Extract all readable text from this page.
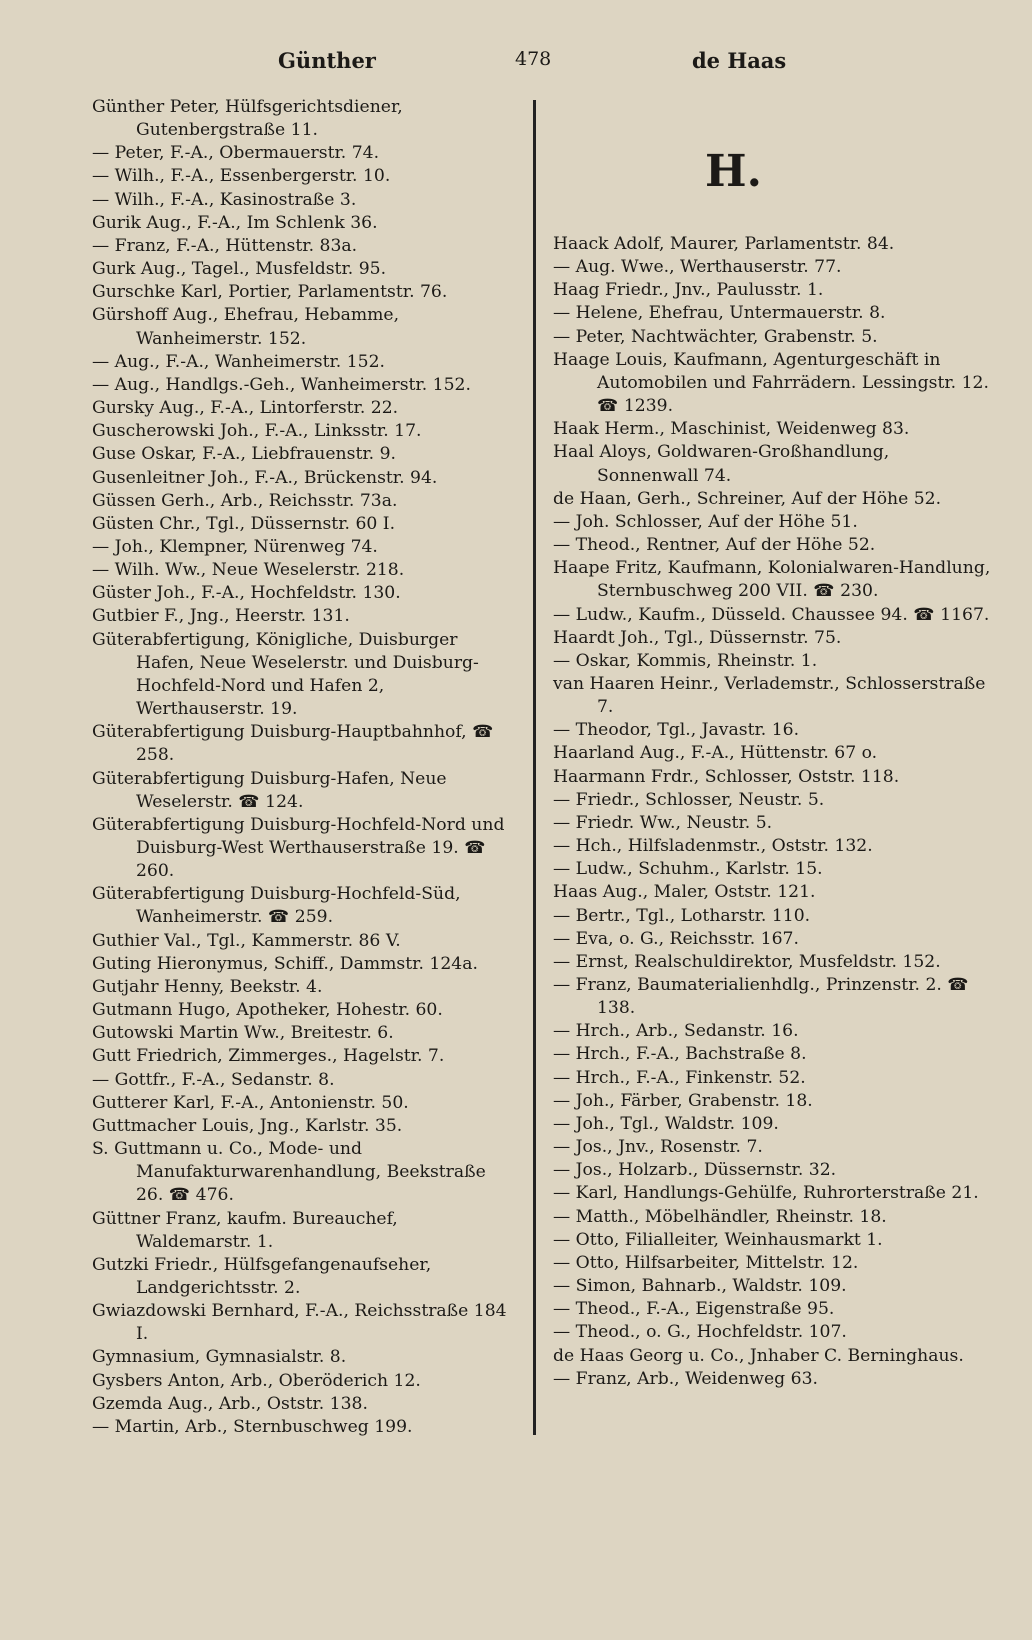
Günther	478	de Haas
Günther Peter, Hülfsgerichtsdiener, Gutenbergstraße 11.
— Peter, F.-A., Obermauerstr. 74.
— Wilh., F.-A., Essenbergerstr. 10.
— Wilh., F.-A., Kasinostraße 3.
Gurik Aug., F.-A., Im Schlenk 36.
— Franz, F.-A., Hüttenstr. 83a.
Gurk Aug., Tagel., Musfeldstr. 95.
Gurschke Karl, Portier, Parlamentstr. 76.
Gürshoff Aug., Ehefrau, Hebamme, Wanheimerstr. 152.
— Aug., F.-A., Wanheimerstr. 152.
— Aug., Handlgs.-Geh., Wanheimerstr. 152.
Gursky Aug., F.-A., Lintorferstr. 22.
Guscherowski Joh., F.-A., Linksstr. 17.
Guse Oskar, F.-A., Liebfrauenstr. 9.
Gusenleitner Joh., F.-A., Brückenstr. 94.
Güssen Gerh., Arb., Reichsstr. 73a.
Güsten Chr., Tgl., Düssernstr. 60 I.
— Joh., Klempner, Nürenweg 74.
— Wilh. Ww., Neue Weselerstr. 218.
Güster Joh., F.-A., Hochfeldstr. 130.
Gutbier F., Jng., Heerstr. 131.
Güterabfertigung, Königliche, Duisburger Hafen, Neue Weselerstr. und Duisburg-Hochfeld-Nord und Hafen 2, Werthauserstr. 19.
Güterabfertigung Duisburg-Hauptbahnhof, ☎ 258.
Güterabfertigung Duisburg-Hafen, Neue Weselerstr. ☎ 124.
Güterabfertigung Duisburg-Hochfeld-Nord und Duisburg-West Werthauserstraße 19. ☎ 260.
Güterabfertigung Duisburg-Hochfeld-Süd, Wanheimerstr. ☎ 259.
Guthier Val., Tgl., Kammerstr. 86 V.
Guting Hieronymus, Schiff., Dammstr. 124a.
Gutjahr Henny, Beekstr. 4.
Gutmann Hugo, Apotheker, Hohestr. 60.
Gutowski Martin Ww., Breitestr. 6.
Gutt Friedrich, Zimmerges., Hagelstr. 7.
— Gottfr., F.-A., Sedanstr. 8.
Gutterer Karl, F.-A., Antonienstr. 50.
Guttmacher Louis, Jng., Karlstr. 35.
S. Guttmann u. Co., Mode- und Manufakturwarenhandlung, Beekstraße 26. ☎ 476.
Güttner Franz, kaufm. Bureauchef, Waldemarstr. 1.
Gutzki Friedr., Hülfsgefangenaufseher, Landgerichtsstr. 2.
Gwiazdowski Bernhard, F.-A., Reichsstraße 184 I.
Gymnasium, Gymnasialstr. 8.
Gysbers Anton, Arb., Oberöderich 12.
Gzemda Aug., Arb., Oststr. 138.
— Martin, Arb., Sternbuschweg 199.
Haack Adolf, Maurer, Parlamentstr. 84.
— Aug. Wwe., Werthauserstr. 77.
Haag Friedr., Jnv., Paulusstr. 1.
— Helene, Ehefrau, Untermauerstr. 8.
— Peter, Nachtwächter, Grabenstr. 5.
Haage Louis, Kaufmann, Agenturgeschäft in Automobilen und Fahrrädern. Lessingstr. 12. ☎ 1239.
Haak Herm., Maschinist, Weidenweg 83.
Haal Aloys, Goldwaren-Großhandlung, Sonnenwall 74.
de Haan, Gerh., Schreiner, Auf der Höhe 52.
— Joh. Schlosser, Auf der Höhe 51.
— Theod., Rentner, Auf der Höhe 52.
Haape Fritz, Kaufmann, Kolonialwaren-Handlung, Sternbuschweg 200 VII. ☎ 230.
— Ludw., Kaufm., Düsseld. Chaussee 94. ☎ 1167.
Haardt Joh., Tgl., Düssernstr. 75.
— Oskar, Kommis, Rheinstr. 1.
van Haaren Heinr., Verlademstr., Schlosserstraße 7.
— Theodor, Tgl., Javastr. 16.
Haarland Aug., F.-A., Hüttenstr. 67 o.
Haarmann Frdr., Schlosser, Oststr. 118.
— Friedr., Schlosser, Neustr. 5.
— Friedr. Ww., Neustr. 5.
— Hch., Hilfsladenmstr., Oststr. 132.
— Ludw., Schuhm., Karlstr. 15.
Haas Aug., Maler, Oststr. 121.
— Bertr., Tgl., Lotharstr. 110.
— Eva, o. G., Reichsstr. 167.
— Ernst, Realschuldirektor, Musfeldstr. 152.
— Franz, Baumaterialienhdlg., Prinzenstr. 2. ☎ 138.
— Hrch., Arb., Sedanstr. 16.
— Hrch., F.-A., Bachstraße 8.
— Hrch., F.-A., Finkenstr. 52.
— Joh., Färber, Grabenstr. 18.
— Joh., Tgl., Waldstr. 109.
— Jos., Jnv., Rosenstr. 7.
— Jos., Holzarb., Düssernstr. 32.
— Karl, Handlungs-Gehülfe, Ruhrorterstraße 21.
— Matth., Möbelhändler, Rheinstr. 18.
— Otto, Filialleiter, Weinhausmarkt 1.
— Otto, Hilfsarbeiter, Mittelstr. 12.
— Simon, Bahnarb., Waldstr. 109.
— Theod., F.-A., Eigenstraße 95.
— Theod., o. G., Hochfeldstr. 107.
de Haas Georg u. Co., Jnhaber C. Berninghaus.
— Franz, Arb., Weidenweg 63.
H.
